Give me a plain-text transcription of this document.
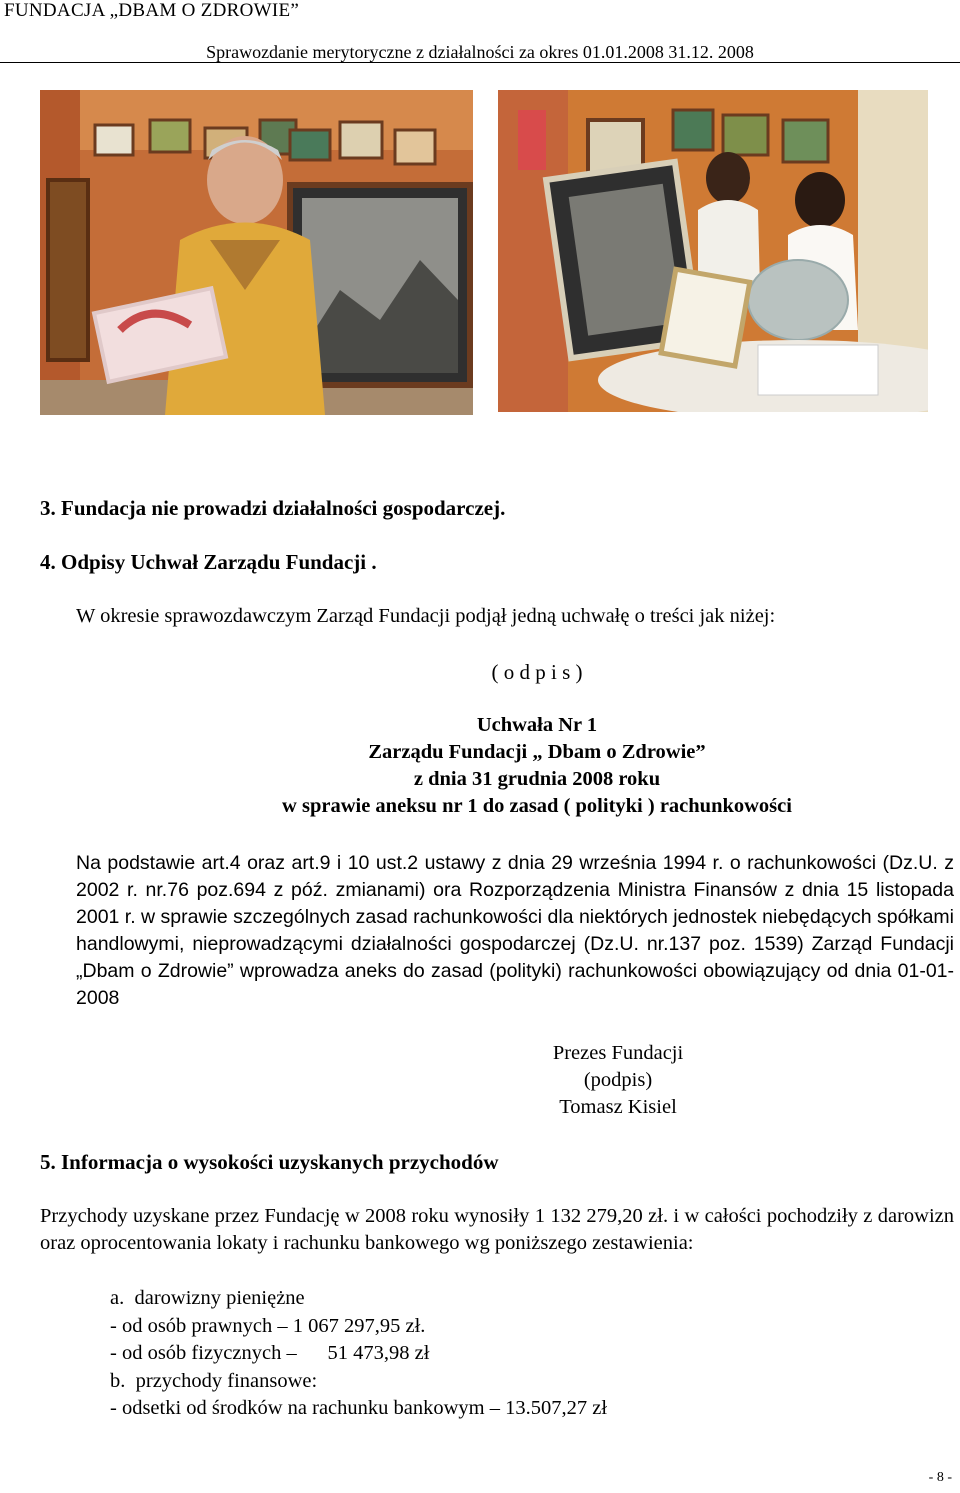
FUNDACJA „DBAM O ZDROWIE”
Sprawozdanie merytoryczne z działalności za okres 01.01.2008 31.12. 2008
3. Fundacja nie prowadzi działalności gospodarczej.
4. Odpisy Uchwał Zarządu Fundacji .
W okresie sprawozdawczym Zarząd Fundacji podjął jedną uchwałę o treści jak niżej:
( o d p i s )
Uchwała Nr 1
Zarządu Fundacji „ Dbam o Zdrowie”
z dnia 31 grudnia 2008 roku
w sprawie aneksu nr 1 do zasad ( polityki ) rachunkowości
Na podstawie art.4 oraz art.9 i 10 ust.2 ustawy z dnia 29 września 1994 r. o rachunkowości (Dz.U. z 2002 r. nr.76 poz.694 z póź. zmianami) ora Rozporządzenia Ministra Finansów z dnia 15 listopada 2001 r. w sprawie szczególnych zasad rachunkowości dla niektórych jednostek niebędących spółkami handlowymi, nieprowadzącymi działalności gospodarczej (Dz.U. nr.137 poz. 1539) Zarząd Fundacji „Dbam o Zdrowie” wprowadza aneks do zasad (polityki) rachunkowości obowiązujący od dnia 01-01-2008
Prezes Fundacji
(podpis)
Tomasz Kisiel
5. Informacja o wysokości uzyskanych przychodów
Przychody uzyskane przez Fundację w 2008 roku wynosiły 1 132 279,20 zł. i w całości pochodziły z darowizn oraz oprocentowania lokaty i rachunku bankowego wg poniższego zestawienia:
a.  darowizny pieniężne
- od osób prawnych – 1 067 297,95 zł.
- od osób fizycznych –      51 473,98 zł
b.  przychody finansowe:
- odsetki od środków na rachunku bankowym – 13.507,27 zł
- 8 -
